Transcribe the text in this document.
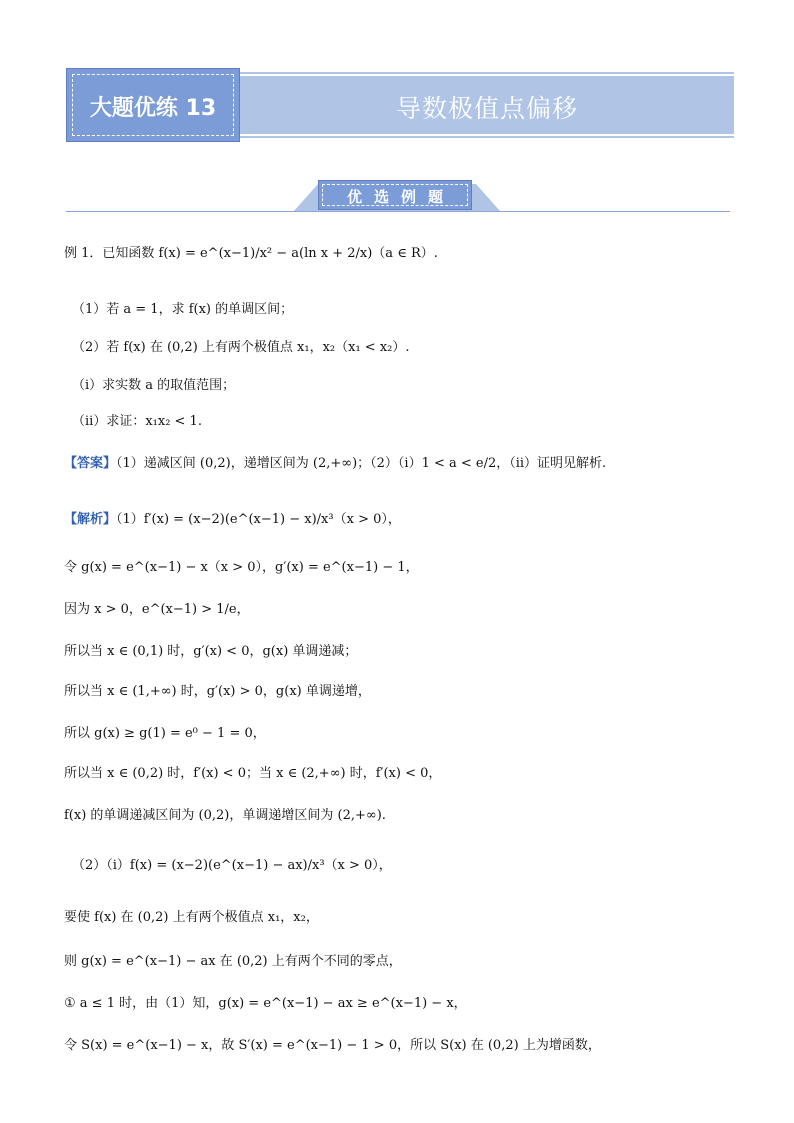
大题优练 13	导数极值点偏移
优选例题
例 1．已知函数 f(x) = e^(x−1)/x² − a(ln x + 2/x)（a ∈ R）.
（1）若 a = 1，求 f(x) 的单调区间；
（2）若 f(x) 在 (0,2) 上有两个极值点 x₁，x₂（x₁ < x₂）.
（i）求实数 a 的取值范围；
（ii）求证：x₁x₂ < 1.
【答案】（1）递减区间 (0,2)，递增区间为 (2,+∞)；（2）（i）1 < a < e/2，（ii）证明见解析.
【解析】（1）f′(x) = (x−2)(e^(x−1) − x)/x³（x > 0），
令 g(x) = e^(x−1) − x（x > 0），g′(x) = e^(x−1) − 1，
因为 x > 0，e^(x−1) > 1/e，
所以当 x ∈ (0,1) 时，g′(x) < 0，g(x) 单调递减；
所以当 x ∈ (1,+∞) 时，g′(x) > 0，g(x) 单调递增，
所以 g(x) ≥ g(1) = e⁰ − 1 = 0，
所以当 x ∈ (0,2) 时，f′(x) < 0；当 x ∈ (2,+∞) 时，f′(x) < 0，
f(x) 的单调递减区间为 (0,2)，单调递增区间为 (2,+∞).
（2）（i）f(x) = (x−2)(e^(x−1) − ax)/x³（x > 0），
要使 f(x) 在 (0,2) 上有两个极值点 x₁，x₂，
则 g(x) = e^(x−1) − ax 在 (0,2) 上有两个不同的零点，
① a ≤ 1 时，由（1）知，g(x) = e^(x−1) − ax ≥ e^(x−1) − x，
令 S(x) = e^(x−1) − x，故 S′(x) = e^(x−1) − 1 > 0，所以 S(x) 在 (0,2) 上为增函数，
